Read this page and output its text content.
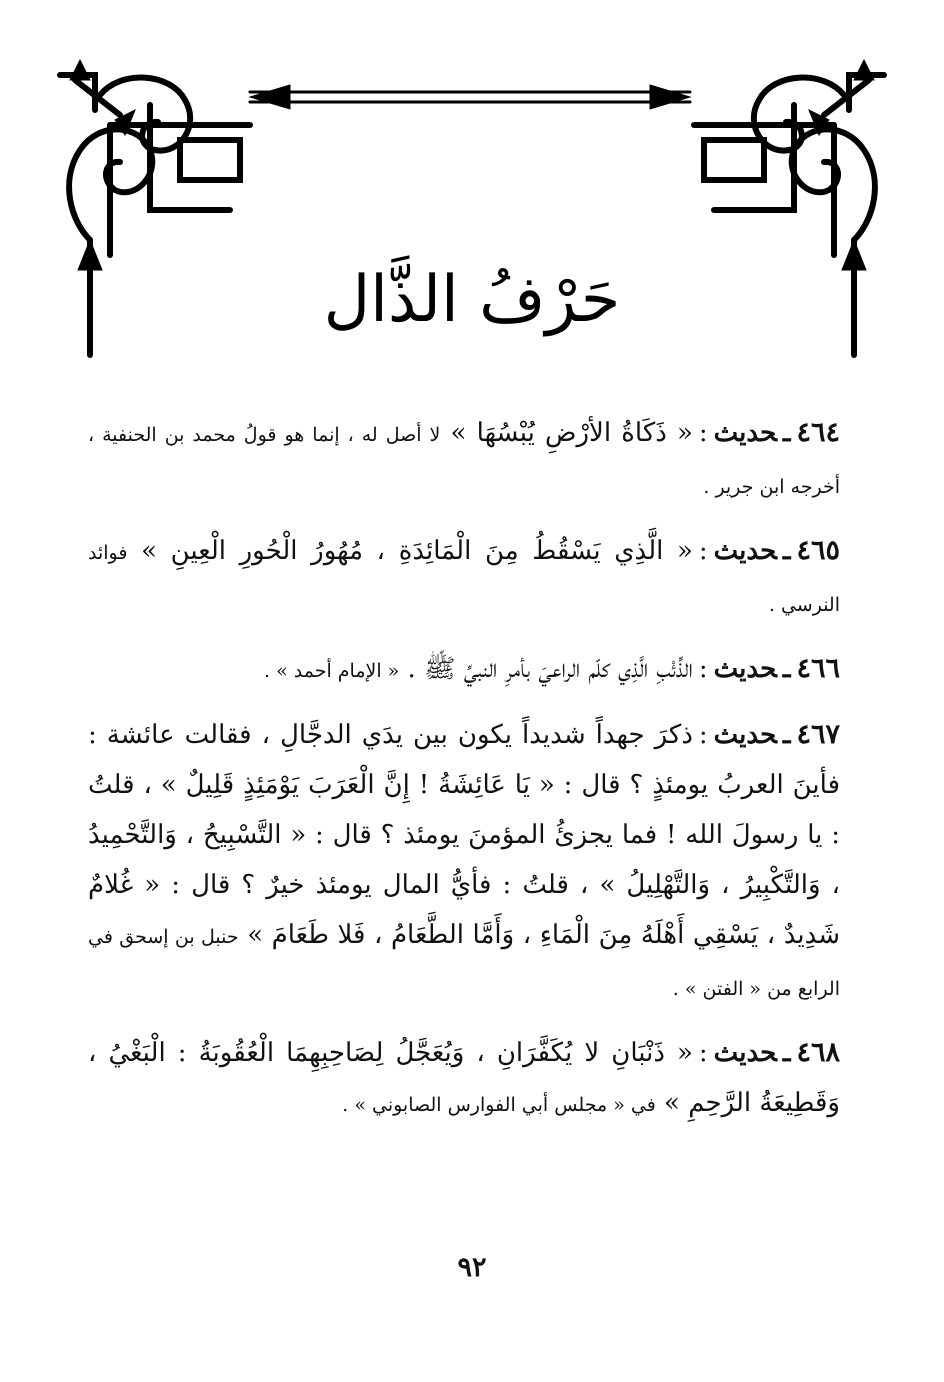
حَرْفُ الذَّال
٤٦٤ـحديث:« ذَكَاةُ الأرْضِ يُبْسُهَا » لا أصل له ، إنما هو قولُ محمد بن الحنفية ، أخرجه ابن جرير .
٤٦٥ـحديث:« الَّذِي يَسْقُطُ مِنَ الْمَائِدَةِ ، مُهُورُ الْحُورِ الْعِينِ » فوائد النرسي .
٤٦٦ـحديث:الذِّئْبِ الَّذِي كلّم الراعيَ بأمرِ النبيِّ ﷺ . « الإمام أحمد » .
٤٦٧ـحديث:ذكرَ جهداً شديداً يكون بين يدَي الدجَّالِ ، فقالت عائشة : فأينَ العربُ يومئذٍ ؟ قال : « يَا عَائِشَةُ ! إِنَّ الْعَرَبَ يَوْمَئِذٍ قَلِيلٌ » ، قلتُ : يا رسولَ الله ! فما يجزئُ المؤمنَ يومئذ ؟ قال : « التَّسْبِيحُ ، وَالتَّحْمِيدُ ، وَالتَّكْبِيرُ ، وَالتَّهْلِيلُ » ، قلتُ : فأيُّ المال يومئذ خيرٌ ؟ قال : « غُلامٌ شَدِيدٌ ، يَسْقِي أَهْلَهُ مِنَ الْمَاءِ ، وَأَمَّا الطَّعَامُ ، فَلا طَعَامَ » حنبل بن إسحق في الرابع من « الفتن » .
٤٦٨ـحديث:« ذَنْبَانِ لا يُكَفَّرَانِ ، وَيُعَجَّلُ لِصَاحِبِهِمَا الْعُقُوبَةُ : الْبَغْيُ ، وَقَطِيعَةُ الرَّحِمِ » في « مجلس أبي الفوارس الصابوني » .
٩٢
